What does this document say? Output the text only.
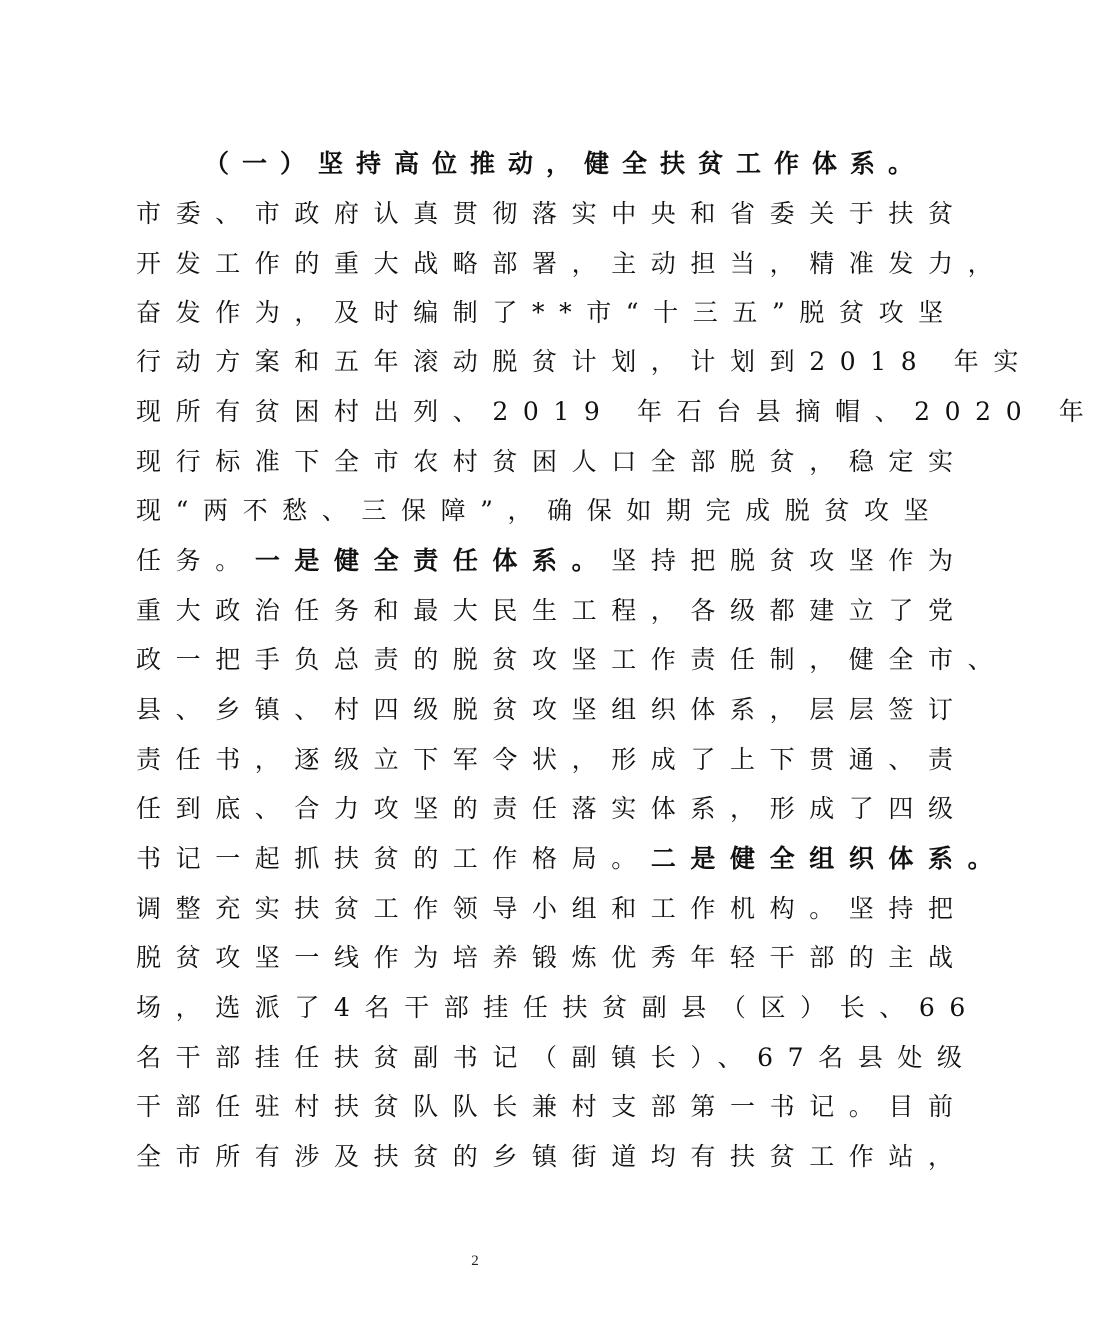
（一）坚持高位推动，健全扶贫工作体系。
市委、市政府认真贯彻落实中央和省委关于扶贫
开发工作的重大战略部署，主动担当，精准发力，
奋发作为，及时编制了**市“十三五”脱贫攻坚
行动方案和五年滚动脱贫计划，计划到2018 年实
现所有贫困村出列、2019 年石台县摘帽、2020 年
现行标准下全市农村贫困人口全部脱贫，稳定实
现“两不愁、三保障”，确保如期完成脱贫攻坚
任务。一是健全责任体系。坚持把脱贫攻坚作为
重大政治任务和最大民生工程，各级都建立了党
政一把手负总责的脱贫攻坚工作责任制，健全市、
县、乡镇、村四级脱贫攻坚组织体系，层层签订
责任书，逐级立下军令状，形成了上下贯通、责
任到底、合力攻坚的责任落实体系，形成了四级
书记一起抓扶贫的工作格局。二是健全组织体系。
调整充实扶贫工作领导小组和工作机构。坚持把
脱贫攻坚一线作为培养锻炼优秀年轻干部的主战
场，选派了4名干部挂任扶贫副县（区）长、66
名干部挂任扶贫副书记（副镇长）、67名县处级
干部任驻村扶贫队队长兼村支部第一书记。目前
全市所有涉及扶贫的乡镇街道均有扶贫工作站，
2
